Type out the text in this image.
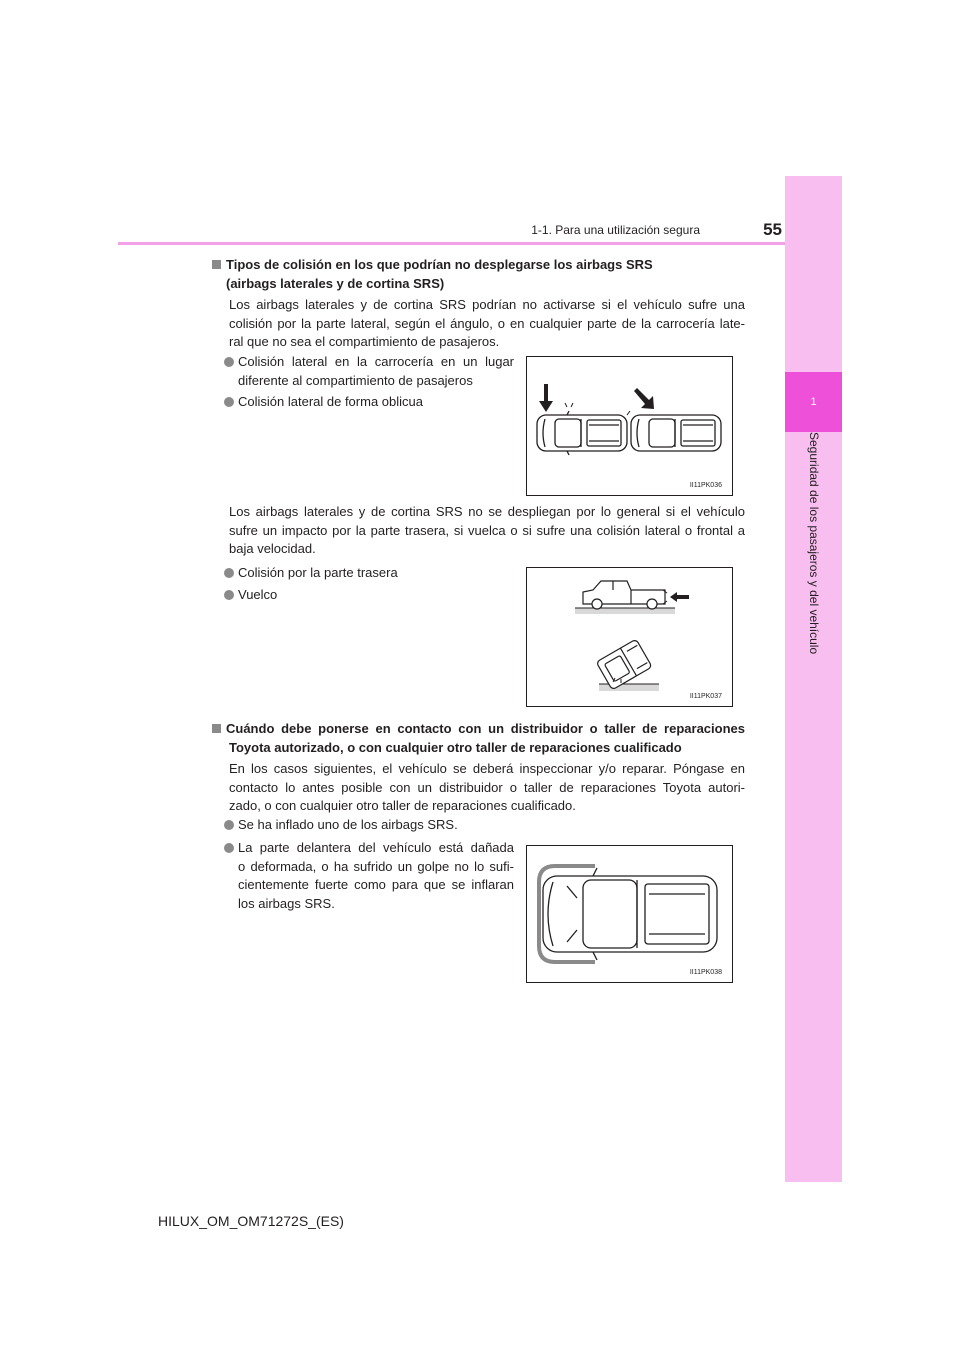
1
Seguridad de los pasajeros y del vehículo
1-1. Para una utilización segura	55
Tipos de colisión en los que podrían no desplegarse los airbags SRS
(airbags laterales y de cortina SRS)
Los airbags laterales y de cortina SRS podrían no activarse si el vehículo sufre una
colisión por la parte lateral, según el ángulo, o en cualquier parte de la carrocería late-
ral que no sea el compartimiento de pasajeros.
Colisión lateral en la carrocería en un lugar
diferente al compartimiento de pasajeros
Colisión lateral de forma oblicua
II11PK036
Los airbags laterales y de cortina SRS no se despliegan por lo general si el vehículo
sufre un impacto por la parte trasera, si vuelca o si sufre una colisión lateral o frontal a
baja velocidad.
Colisión por la parte trasera
Vuelco
II11PK037
Cuándo debe ponerse en contacto con un distribuidor o taller de reparaciones
Toyota autorizado, o con cualquier otro taller de reparaciones cualificado
En los casos siguientes, el vehículo se deberá inspeccionar y/o reparar. Póngase en
contacto lo antes posible con un distribuidor o taller de reparaciones Toyota autori-
zado, o con cualquier otro taller de reparaciones cualificado.
Se ha inflado uno de los airbags SRS.
La parte delantera del vehículo está dañada
o deformada, o ha sufrido un golpe no lo sufi-
cientemente fuerte como para que se inflaran
los airbags SRS.
II11PK038
HILUX_OM_OM71272S_(ES)
